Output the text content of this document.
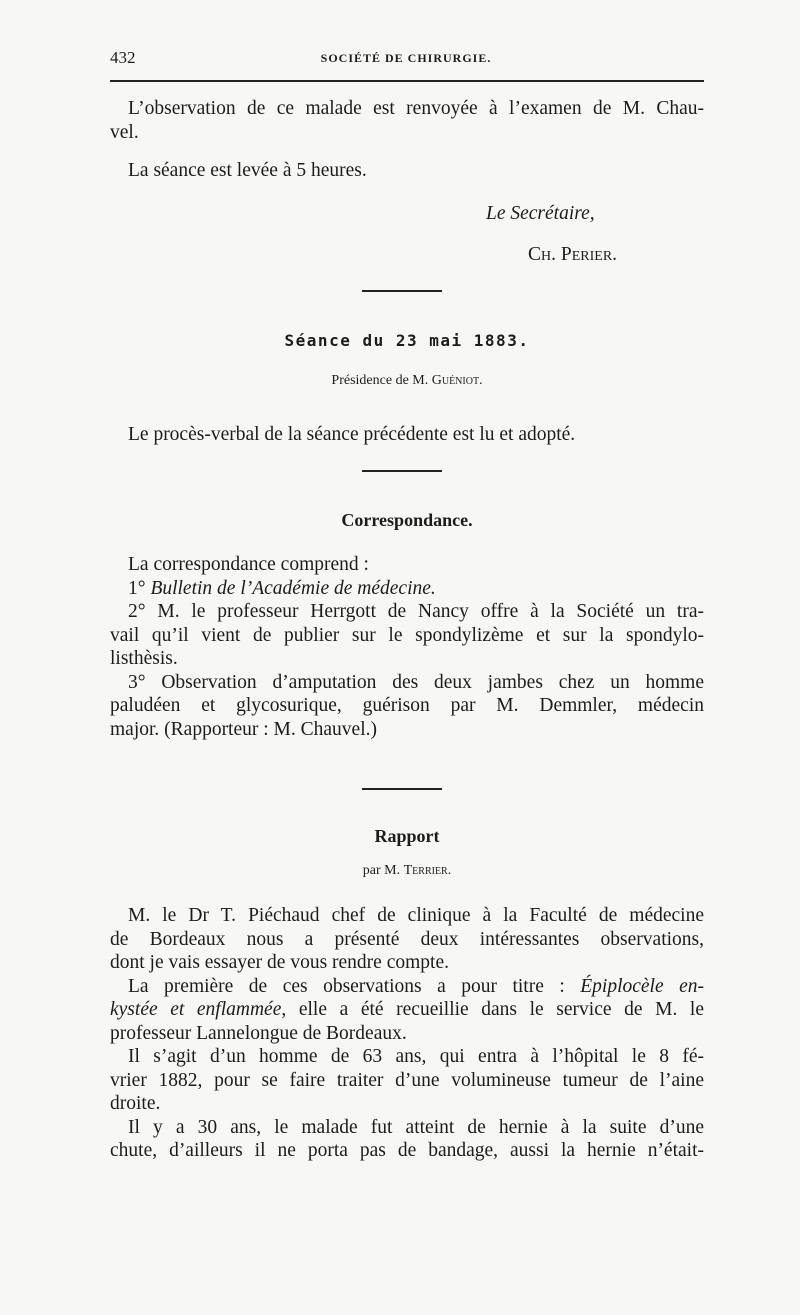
432	SOCIÉTÉ DE CHIRURGIE.
L’observation de ce malade est renvoyée à l’examen de M. Chau-
vel.
La séance est levée à 5 heures.
Le Secrétaire,
Ch. Perier.
Séance du 23 mai 1883.
Présidence de M. Guéniot.
Le procès-verbal de la séance précédente est lu et adopté.
Correspondance.
La correspondance comprend :
1° Bulletin de l’Académie de médecine.
2° M. le professeur Herrgott de Nancy offre à la Société un tra-
vail qu’il vient de publier sur le spondylizème et sur la spondylo-
listhèsis.
3° Observation d’amputation des deux jambes chez un homme
paludéen et glycosurique, guérison par M. Demmler, médecin
major. (Rapporteur : M. Chauvel.)
Rapport
par M. Terrier.
M. le Dr T. Piéchaud chef de clinique à la Faculté de médecine
de Bordeaux nous a présenté deux intéressantes observations,
dont je vais essayer de vous rendre compte.
La première de ces observations a pour titre : Épiplocèle en-
kystée et enflammée, elle a été recueillie dans le service de M. le
professeur Lannelongue de Bordeaux.
Il s’agit d’un homme de 63 ans, qui entra à l’hôpital le 8 fé-
vrier 1882, pour se faire traiter d’une volumineuse tumeur de l’aine
droite.
Il y a 30 ans, le malade fut atteint de hernie à la suite d’une
chute, d’ailleurs il ne porta pas de bandage, aussi la hernie n’était-
